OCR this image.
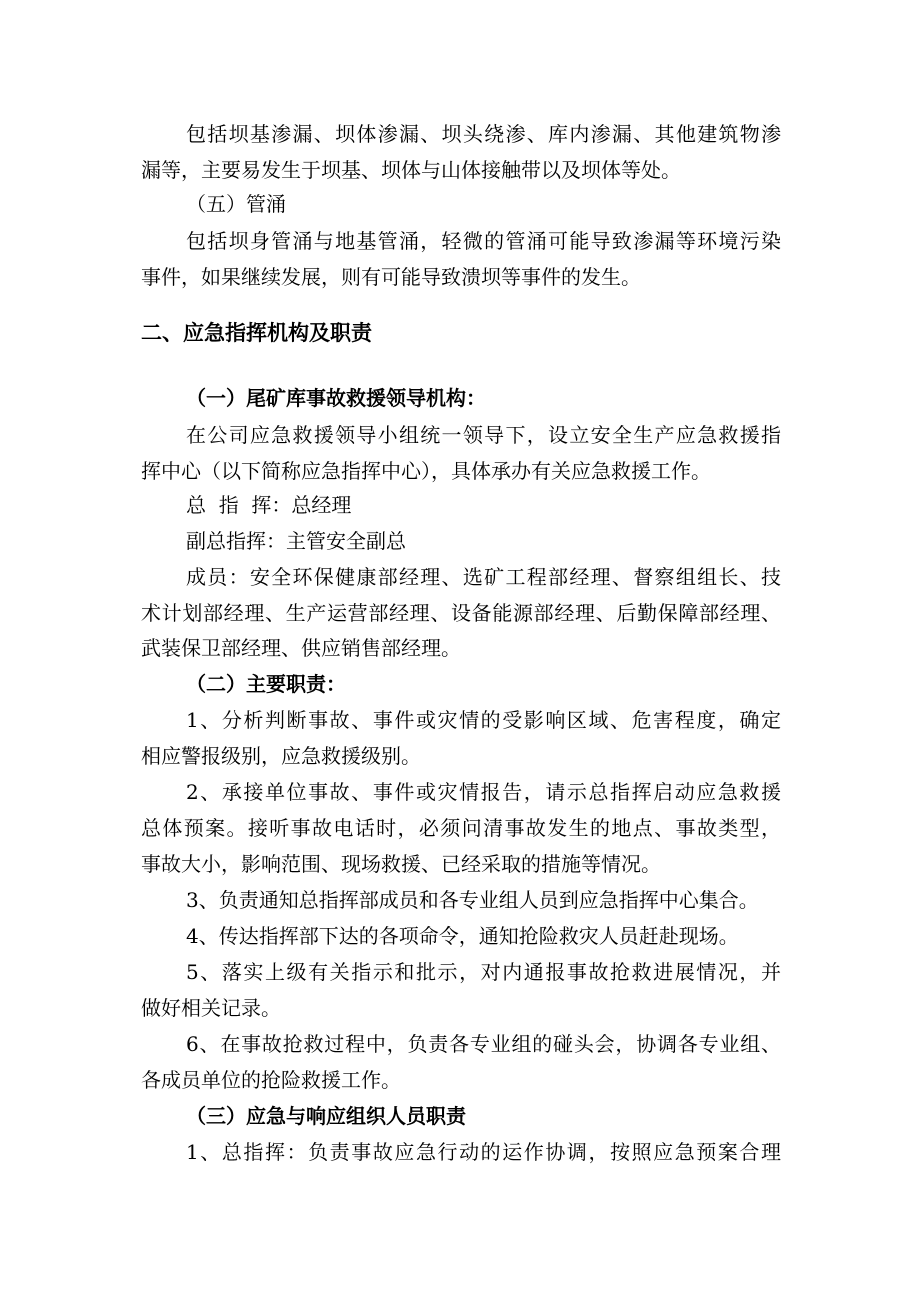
包括坝基渗漏、坝体渗漏、坝头绕渗、库内渗漏、其他建筑物渗
漏等，主要易发生于坝基、坝体与山体接触带以及坝体等处。
（五）管涌
包括坝身管涌与地基管涌，轻微的管涌可能导致渗漏等环境污染
事件，如果继续发展，则有可能导致溃坝等事件的发生。
二、应急指挥机构及职责
（一）尾矿库事故救援领导机构：
在公司应急救援领导小组统一领导下，设立安全生产应急救援指
挥中心（以下简称应急指挥中心），具体承办有关应急救援工作。
总  指  挥：总经理
副总指挥：主管安全副总
成员：安全环保健康部经理、选矿工程部经理、督察组组长、技
术计划部经理、生产运营部经理、设备能源部经理、后勤保障部经理、
武装保卫部经理、供应销售部经理。
（二）主要职责：
1、分析判断事故、事件或灾情的受影响区域、危害程度，确定
相应警报级别，应急救援级别。
2、承接单位事故、事件或灾情报告，请示总指挥启动应急救援
总体预案。接听事故电话时，必须问清事故发生的地点、事故类型，
事故大小，影响范围、现场救援、已经采取的措施等情况。
3、负责通知总指挥部成员和各专业组人员到应急指挥中心集合。
4、传达指挥部下达的各项命令，通知抢险救灾人员赶赴现场。
5、落实上级有关指示和批示，对内通报事故抢救进展情况，并
做好相关记录。
6、在事故抢救过程中，负责各专业组的碰头会，协调各专业组、
各成员单位的抢险救援工作。
（三）应急与响应组织人员职责
1、总指挥：负责事故应急行动的运作协调，按照应急预案合理
